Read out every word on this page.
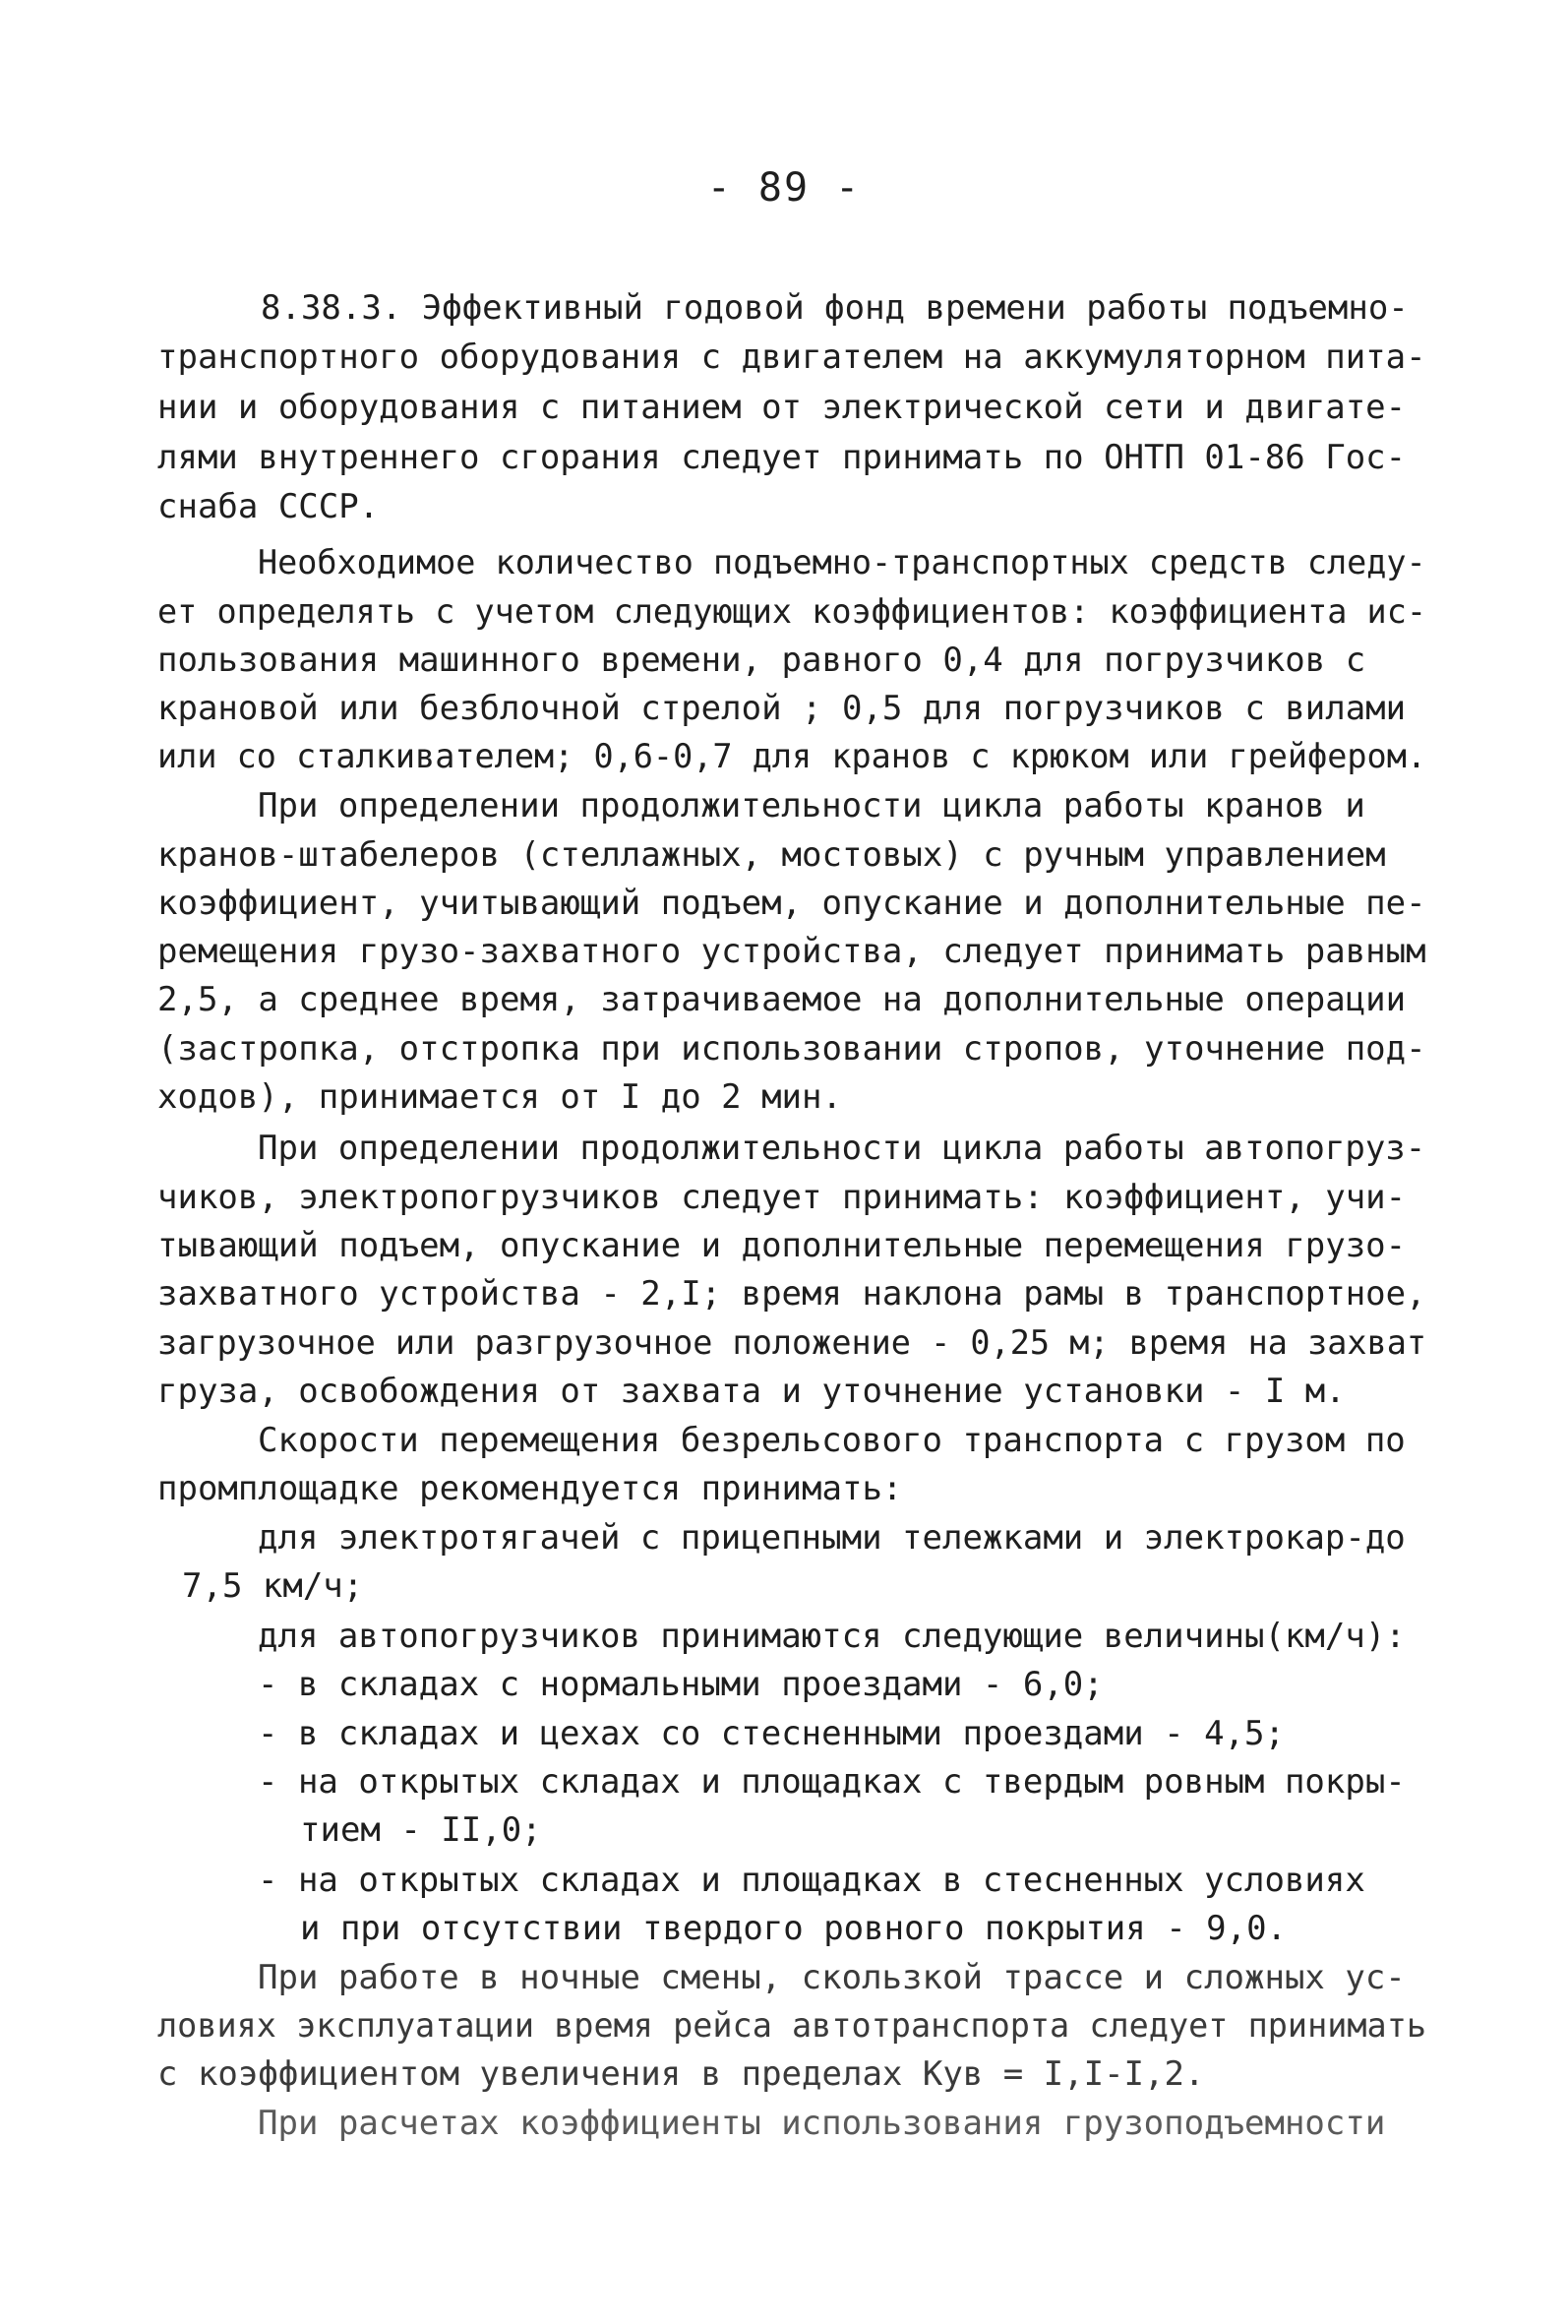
- 89 -
8.38.3. Эффективный годовой фонд времени работы подъемно-
транспортного оборудования с двигателем на аккумуляторном пита-
нии и оборудования с питанием от электрической сети и двигате-
лями внутреннего сгорания следует принимать по ОНТП 01-86 Гос-
снаба СССР.
Необходимое количество подъемно-транспортных средств следу-
ет определять с учетом следующих коэффициентов: коэффициента ис-
пользования машинного времени, равного 0,4 для погрузчиков с
крановой или безблочной стрелой ; 0,5 для погрузчиков с вилами
или со сталкивателем; 0,6-0,7 для кранов с крюком или грейфером.
При определении продолжительности цикла работы кранов и
кранов-штабелеров (стеллажных, мостовых) с ручным управлением
коэффициент, учитывающий подъем, опускание и дополнительные пе-
ремещения грузо-захватного устройства, следует принимать равным
2,5, а среднее время, затрачиваемое на дополнительные операции
(застропка, отстропка при использовании стропов, уточнение под-
ходов), принимается от I до 2 мин.
При определении продолжительности цикла работы автопогруз-
чиков, электропогрузчиков следует принимать: коэффициент, учи-
тывающий подъем, опускание и дополнительные перемещения грузо-
захватного устройства - 2,I; время наклона рамы в транспортное,
загрузочное или разгрузочное положение - 0,25 м; время на захват
груза, освобождения от захвата и уточнение установки - I м.
Скорости перемещения безрельсового транспорта с грузом по
промплощадке рекомендуется принимать:
для электротягачей с прицепными тележками и электрокар-до
7,5 км/ч;
для автопогрузчиков принимаются следующие величины(км/ч):
- в складах с нормальными проездами - 6,0;
- в складах и цехах со стесненными проездами - 4,5;
- на открытых складах и площадках с твердым ровным покры-
тием - II,0;
- на открытых складах и площадках в стесненных условиях
и при отсутствии твердого ровного покрытия - 9,0.
При работе в ночные смены, скользкой трассе и сложных ус-
ловиях эксплуатации время рейса автотранспорта следует принимать
с коэффициентом увеличения в пределах Кув = I,I-I,2.
При расчетах коэффициенты использования грузоподъемности
